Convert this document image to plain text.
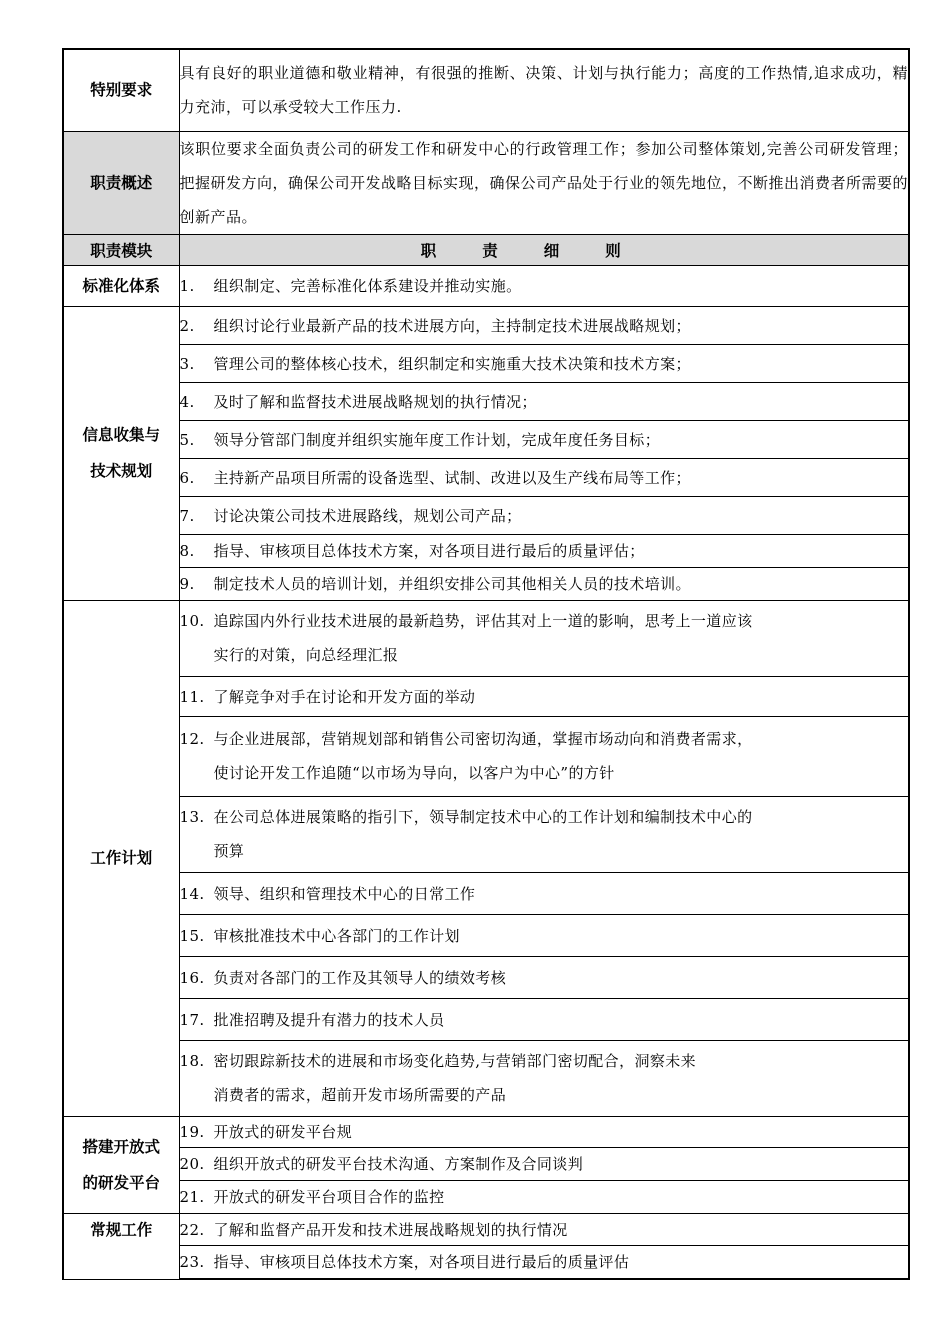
特别要求	具有良好的职业道德和敬业精神，有很强的推断、决策、计划与执行能力；高度的工作热情,追求成功，精力充沛，可以承受较大工作压力.
职责概述	该职位要求全面负责公司的研发工作和研发中心的行政管理工作；参加公司整体策划,完善公司研发管理；把握研发方向，确保公司开发战略目标实现，确保公司产品处于行业的领先地位，不断推出消费者所需要的创新产品。
职责模块	职责细则
标准化体系	1. 组织制定、完善标准化体系建设并推动实施。

信息收集与
技术规划	2. 组织讨论行业最新产品的技术进展方向，主持制定技术进展战略规划；
	3. 管理公司的整体核心技术，组织制定和实施重大技术决策和技术方案；
	4. 及时了解和监督技术进展战略规划的执行情况；
	5. 领导分管部门制度并组织实施年度工作计划，完成年度任务目标；
	6. 主持新产品项目所需的设备选型、试制、改进以及生产线布局等工作；
	7. 讨论决策公司技术进展路线，规划公司产品；
	8. 指导、审核项目总体技术方案，对各项目进行最后的质量评估；
	9. 制定技术人员的培训计划，并组织安排公司其他相关人员的技术培训。
工作计划	10. 追踪国内外行业技术进展的最新趋势，评估其对上一道的影响，思考上一道应该
实行的对策，向总经理汇报

	11. 了解竞争对手在讨论和开发方面的举动

	12. 与企业进展部，营销规划部和销售公司密切沟通，掌握市场动向和消费者需求，
使讨论开发工作追随“以市场为导向，以客户为中心”的方针

	13. 在公司总体进展策略的指引下，领导制定技术中心的工作计划和编制技术中心的
预算

	14. 领导、组织和管理技术中心的日常工作
	15. 审核批准技术中心各部门的工作计划
	16. 负责对各部门的工作及其领导人的绩效考核
	17. 批准招聘及提升有潜力的技术人员

	18. 密切跟踪新技术的进展和市场变化趋势,与营销部门密切配合，洞察未来
消费者的需求，超前开发市场所需要的产品

搭建开放式
的研发平台	19. 开放式的研发平台规
	20. 组织开放式的研发平台技术沟通、方案制作及合同谈判
	21. 开放式的研发平台项目合作的监控
常规工作	22. 了解和监督产品开发和技术进展战略规划的执行情况
	23. 指导、审核项目总体技术方案，对各项目进行最后的质量评估
